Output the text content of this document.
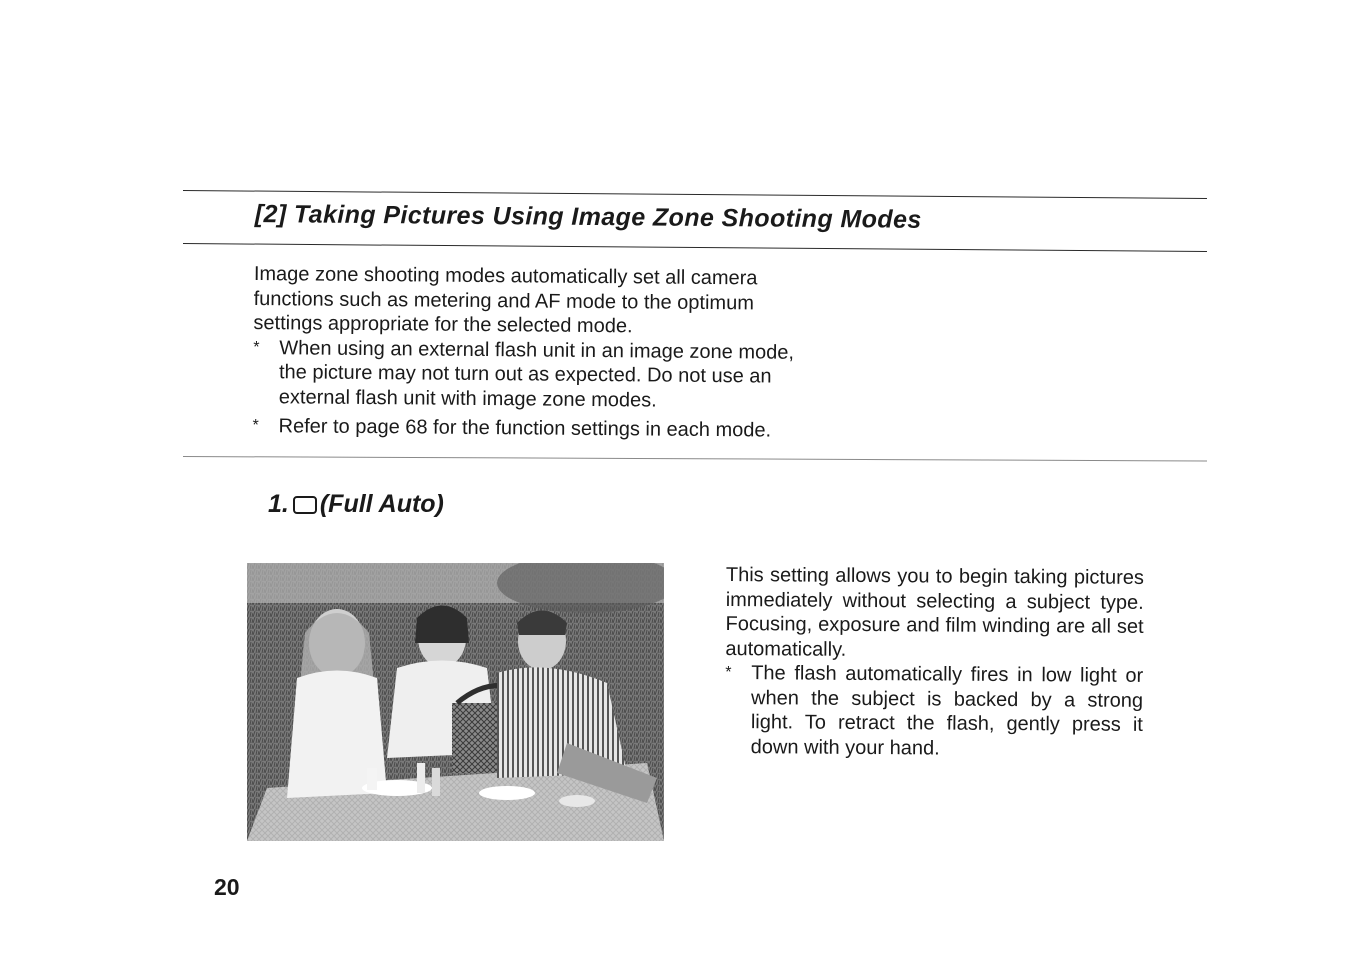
[2] Taking Pictures Using Image Zone Shooting Modes

Image zone shooting modes automatically set all camera functions such as metering and AF mode to the optimum settings appropriate for the selected mode.

* When using an external flash unit in an image zone mode, the picture may not turn out as expected. Do not use an external flash unit with image zone modes.

* Refer to page 68 for the function settings in each mode.

1. (Full Auto)

This setting allows you to begin taking pictures immediately without selecting a subject type. Focusing, exposure and film winding are all set automatically.

* The flash automatically fires in low light or when the subject is backed by a strong light. To retract the flash, gently press it down with your hand.

20
